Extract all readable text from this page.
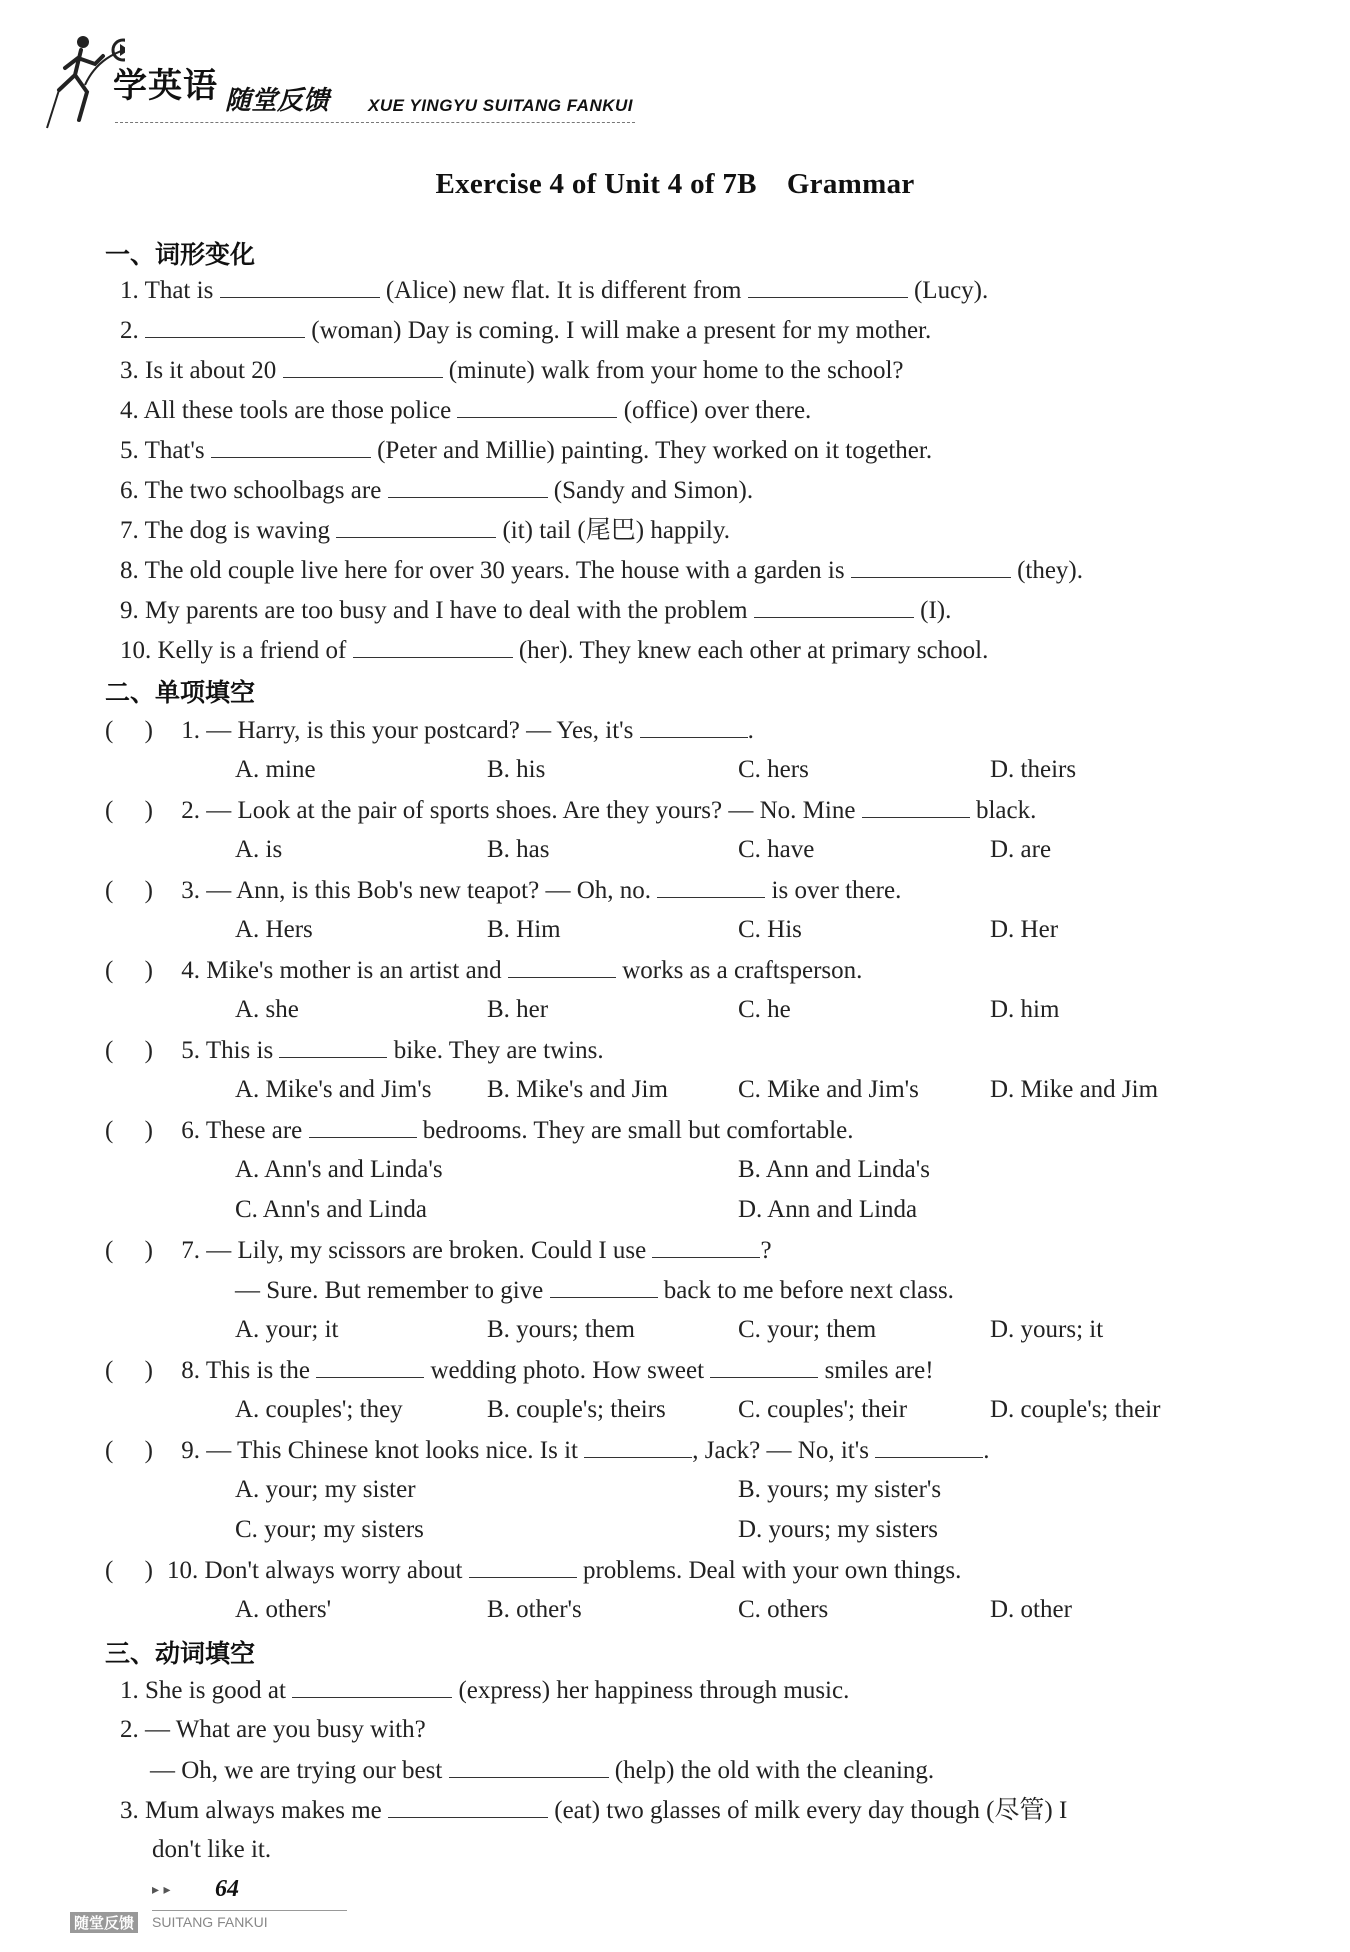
学英语 随堂反馈 XUE YINGYU SUITANG FANKUI
Exercise 4 of Unit 4 of 7B Grammar
一、词形变化
1. That is	(Alice) new flat. It is different from	(Lucy).
2.	(woman) Day is coming. I will make a present for my mother.
3. Is it about 20	(minute) walk from your home to the school?
4. All these tools are those police	(office) over there.
5. That's	(Peter and Millie) painting. They worked on it together.
6. The two schoolbags are	(Sandy and Simon).
7. The dog is waving	(it) tail (尾巴) happily.
8. The old couple live here for over 30 years. The house with a garden is	(they).
9. My parents are too busy and I have to deal with the problem	(I).
10. Kelly is a friend of	(her). They knew each other at primary school.
二、单项填空
( ) 1. — Harry, is this your postcard? — Yes, it's	.
A. mine	B. his	C. hers	D. theirs
( ) 2. — Look at the pair of sports shoes. Are they yours? — No. Mine	black.
A. is	B. has	C. have	D. are
( ) 3. — Ann, is this Bob's new teapot? — Oh, no.	is over there.
A. Hers	B. Him	C. His	D. Her
( ) 4. Mike's mother is an artist and	works as a craftsperson.
A. she	B. her	C. he	D. him
( ) 5. This is	bike. They are twins.
A. Mike's and Jim's B. Mike's and Jim	C. Mike and Jim's	D. Mike and Jim
( ) 6. These are	bedrooms. They are small but comfortable.
A. Ann's and Linda's	B. Ann and Linda's
C. Ann's and Linda	D. Ann and Linda
( ) 7. — Lily, my scissors are broken. Could I use	?
— Sure. But remember to give	back to me before next class.
A. your; it	B. yours; them	C. your; them	D. yours; it
( ) 8. This is the	wedding photo. How sweet	smiles are!
A. couples'; they	B. couple's; theirs	C. couples'; their	D. couple's; their
( ) 9. — This Chinese knot looks nice. Is it	, Jack? — No, it's	.
A. your; my sister	B. yours; my sister's
C. your; my sisters	D. yours; my sisters
( ) 10. Don't always worry about	problems. Deal with your own things.
A. others'	B. other's	C. others	D. other
三、动词填空
1. She is good at	(express) her happiness through music.
2. — What are you busy with?
— Oh, we are trying our best	(help) the old with the cleaning.
3. Mum always makes me	(eat) two glasses of milk every day though (尽管) I
don't like it.
▸ ▸ 64
随堂反馈 SUITANG FANKUI
